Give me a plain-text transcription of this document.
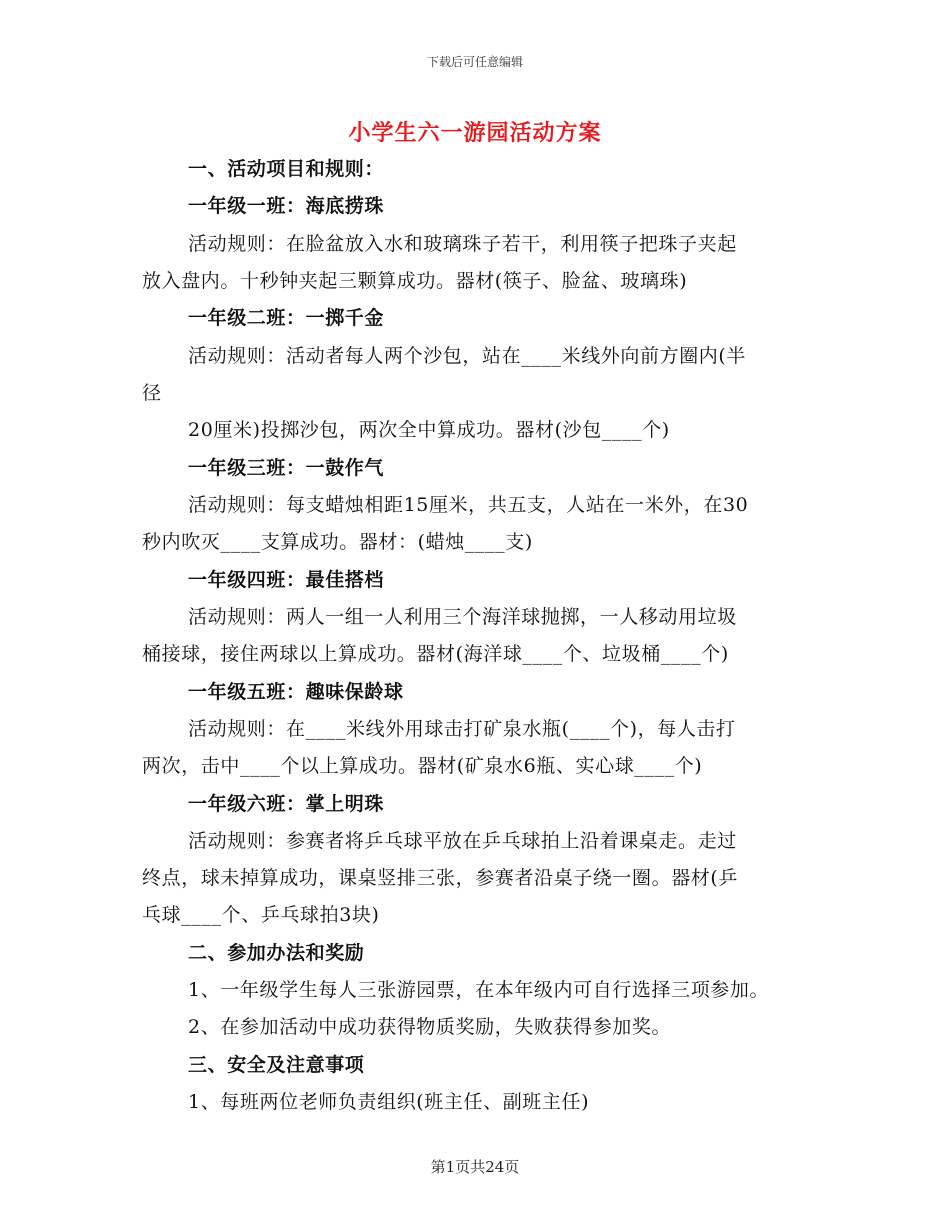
下载后可任意编辑
小学生六一游园活动方案
一、活动项目和规则：
一年级一班：海底捞珠
活动规则：在脸盆放入水和玻璃珠子若干，利用筷子把珠子夹起
放入盘内。十秒钟夹起三颗算成功。器材(筷子、脸盆、玻璃珠)
一年级二班：一掷千金
活动规则：活动者每人两个沙包，站在____米线外向前方圈内(半
径
20厘米)投掷沙包，两次全中算成功。器材(沙包____个)
一年级三班：一鼓作气
活动规则：每支蜡烛相距15厘米，共五支，人站在一米外，在30
秒内吹灭____支算成功。器材：(蜡烛____支)
一年级四班：最佳搭档
活动规则：两人一组一人利用三个海洋球抛掷，一人移动用垃圾
桶接球，接住两球以上算成功。器材(海洋球____个、垃圾桶____个)
一年级五班：趣味保龄球
活动规则：在____米线外用球击打矿泉水瓶(____个)，每人击打
两次，击中____个以上算成功。器材(矿泉水6瓶、实心球____个)
一年级六班：掌上明珠
活动规则：参赛者将乒乓球平放在乒乓球拍上沿着课桌走。走过
终点，球未掉算成功，课桌竖排三张，参赛者沿桌子绕一圈。器材(乒
乓球____个、乒乓球拍3块)
二、参加办法和奖励
1、一年级学生每人三张游园票，在本年级内可自行选择三项参加。
2、在参加活动中成功获得物质奖励，失败获得参加奖。
三、安全及注意事项
1、每班两位老师负责组织(班主任、副班主任)
第1页共24页
